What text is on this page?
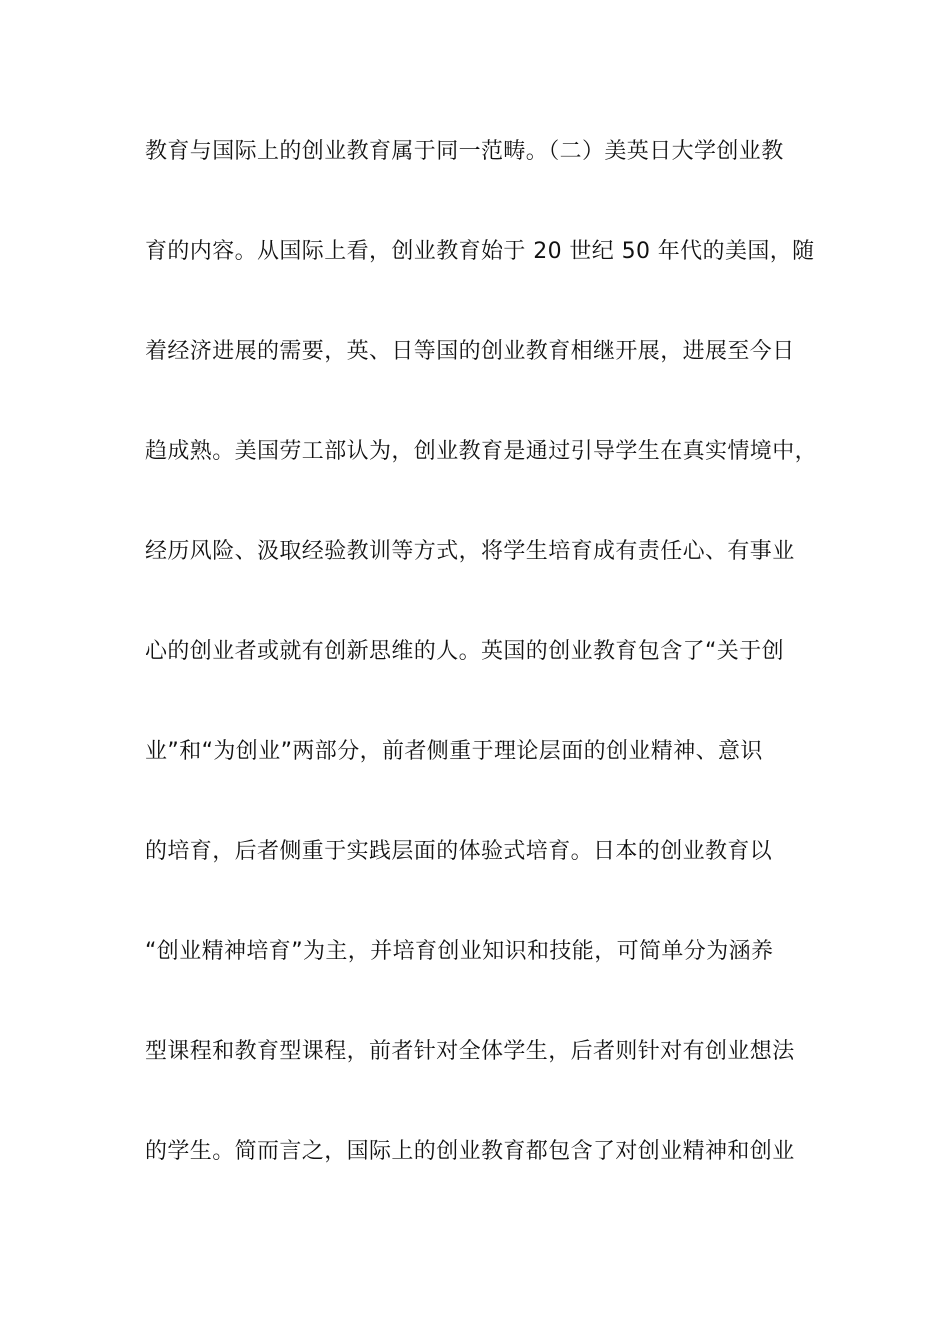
教育与国际上的创业教育属于同一范畴。（二）美英日大学创业教
育的内容。从国际上看，创业教育始于 20 世纪 50 年代的美国，随
着经济进展的需要，英、日等国的创业教育相继开展，进展至今日
趋成熟。美国劳工部认为，创业教育是通过引导学生在真实情境中，
经历风险、汲取经验教训等方式，将学生培育成有责任心、有事业
心的创业者或就有创新思维的人。英国的创业教育包含了“关于创
业”和“为创业”两部分，前者侧重于理论层面的创业精神、意识
的培育，后者侧重于实践层面的体验式培育。日本的创业教育以
“创业精神培育”为主，并培育创业知识和技能，可简单分为涵养
型课程和教育型课程，前者针对全体学生，后者则针对有创业想法
的学生。简而言之，国际上的创业教育都包含了对创业精神和创业
